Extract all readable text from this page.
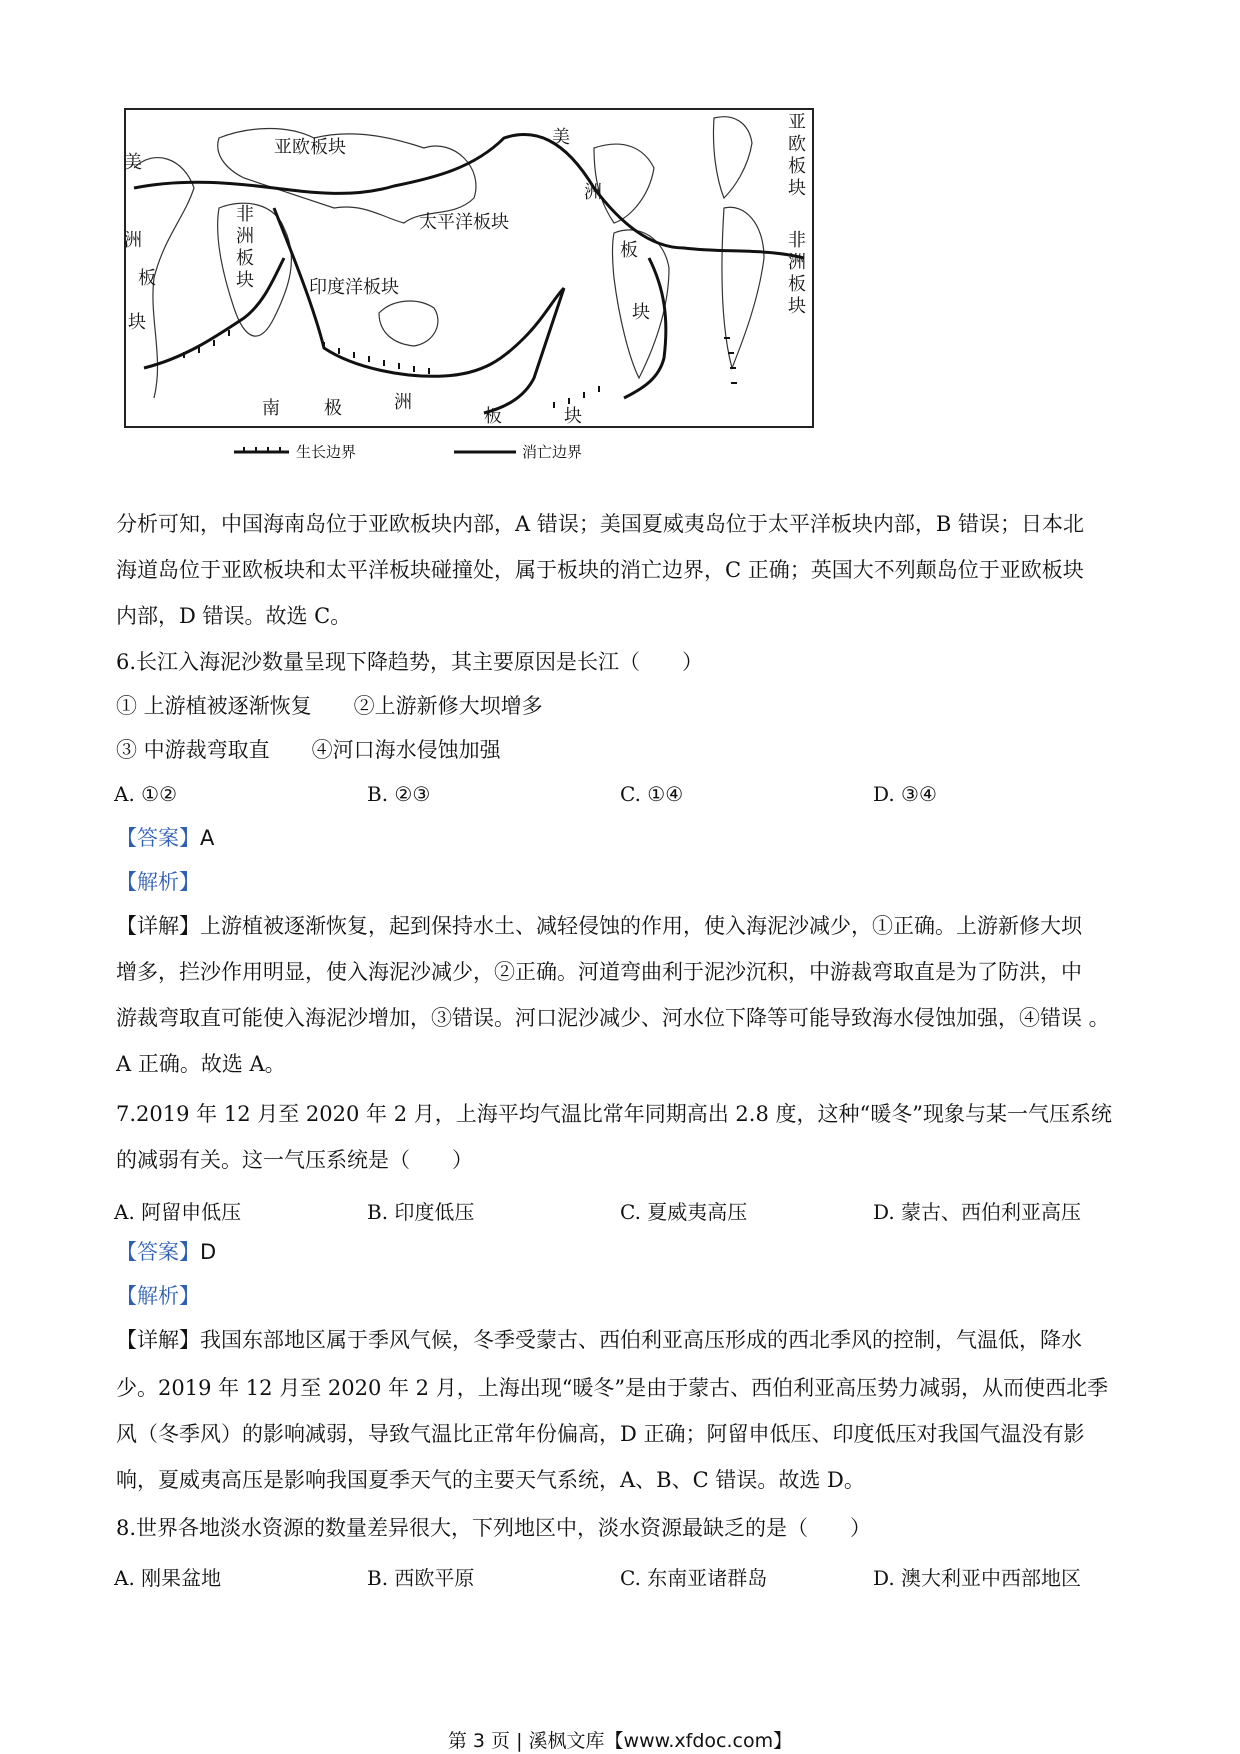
亚欧板块
太平洋板块
印度洋板块
非
洲
板
块
美
洲
板
块
美
洲
板
块
亚
欧
板
块
非
洲
板
块
南 极	洲
板	块
生长边界	消亡边界
分析可知，中国海南岛位于亚欧板块内部，A 错误；美国夏威夷岛位于太平洋板块内部，B 错误；日本北
海道岛位于亚欧板块和太平洋板块碰撞处，属于板块的消亡边界，C 正确；英国大不列颠岛位于亚欧板块
内部，D 错误。故选 C。
6.长江入海泥沙数量呈现下降趋势，其主要原因是长江（　　）
① 上游植被逐渐恢复　　②上游新修大坝增多
③ 中游裁弯取直　　④河口海水侵蚀加强
A. ①②	B. ②③	C. ①④	D. ③④
【答案】A
【解析】
【详解】上游植被逐渐恢复，起到保持水土、减轻侵蚀的作用，使入海泥沙减少，①正确。上游新修大坝
增多，拦沙作用明显，使入海泥沙减少，②正确。河道弯曲利于泥沙沉积，中游裁弯取直是为了防洪，中
游裁弯取直可能使入海泥沙增加，③错误。河口泥沙减少、河水位下降等可能导致海水侵蚀加强，④错误 。
A 正确。故选 A。
7.2019 年 12 月至 2020 年 2 月，上海平均气温比常年同期高出 2.8 度，这种“暖冬”现象与某一气压系统
的减弱有关。这一气压系统是（　　）
A. 阿留申低压	B. 印度低压	C. 夏威夷高压	D. 蒙古、西伯利亚高压
【答案】D
【解析】
【详解】我国东部地区属于季风气候，冬季受蒙古、西伯利亚高压形成的西北季风的控制，气温低，降水
少。2019 年 12 月至 2020 年 2 月，上海出现“暖冬”是由于蒙古、西伯利亚高压势力减弱，从而使西北季
风（冬季风）的影响减弱，导致气温比正常年份偏高，D 正确；阿留申低压、印度低压对我国气温没有影
响，夏威夷高压是影响我国夏季天气的主要天气系统，A、B、C 错误。故选 D。
8.世界各地淡水资源的数量差异很大，下列地区中，淡水资源最缺乏的是（　　）
A. 刚果盆地	B. 西欧平原	C. 东南亚诸群岛	D. 澳大利亚中西部地区
第 3 页 | 溪枫文库【www.xfdoc.com】
